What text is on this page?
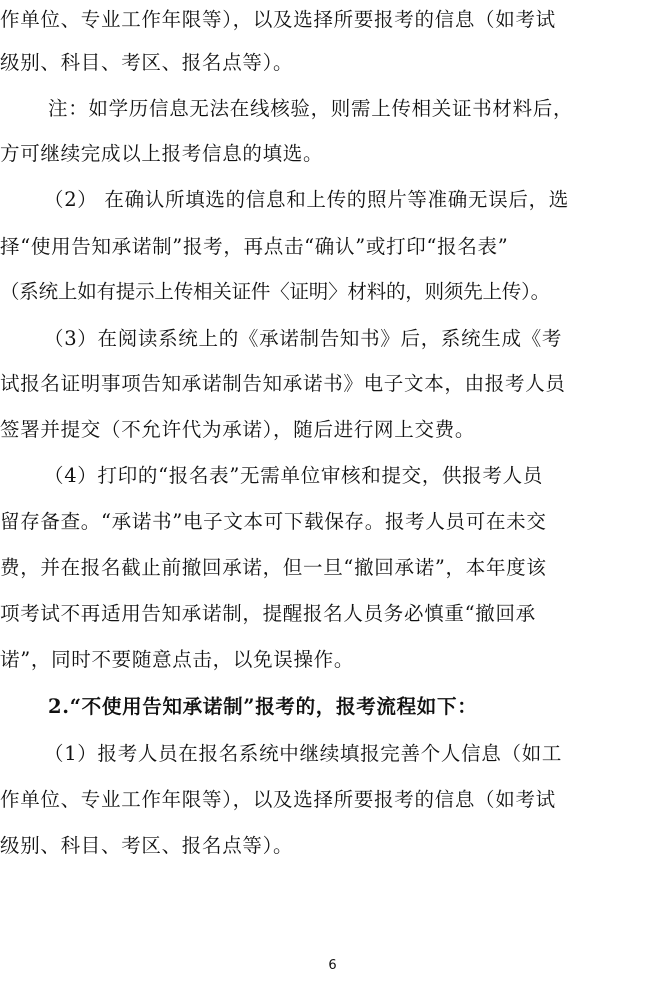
作单位、专业工作年限等），以及选择所要报考的信息（如考试
级别、科目、考区、报名点等）。
注：如学历信息无法在线核验，则需上传相关证书材料后，
方可继续完成以上报考信息的填选。
（2） 在确认所填选的信息和上传的照片等准确无误后，选
择“使用告知承诺制”报考，再点击“确认”或打印“报名表”
（系统上如有提示上传相关证件〈证明〉材料的，则须先上传）。
（3）在阅读系统上的《承诺制告知书》后，系统生成《考
试报名证明事项告知承诺制告知承诺书》电子文本，由报考人员
签署并提交（不允许代为承诺），随后进行网上交费。
（4）打印的“报名表”无需单位审核和提交，供报考人员
留存备查。“承诺书”电子文本可下载保存。报考人员可在未交
费，并在报名截止前撤回承诺，但一旦“撤回承诺”，本年度该
项考试不再适用告知承诺制，提醒报名人员务必慎重“撤回承
诺”，同时不要随意点击，以免误操作。
2.“不使用告知承诺制”报考的，报考流程如下：
（1）报考人员在报名系统中继续填报完善个人信息（如工
作单位、专业工作年限等），以及选择所要报考的信息（如考试
级别、科目、考区、报名点等）。
6
